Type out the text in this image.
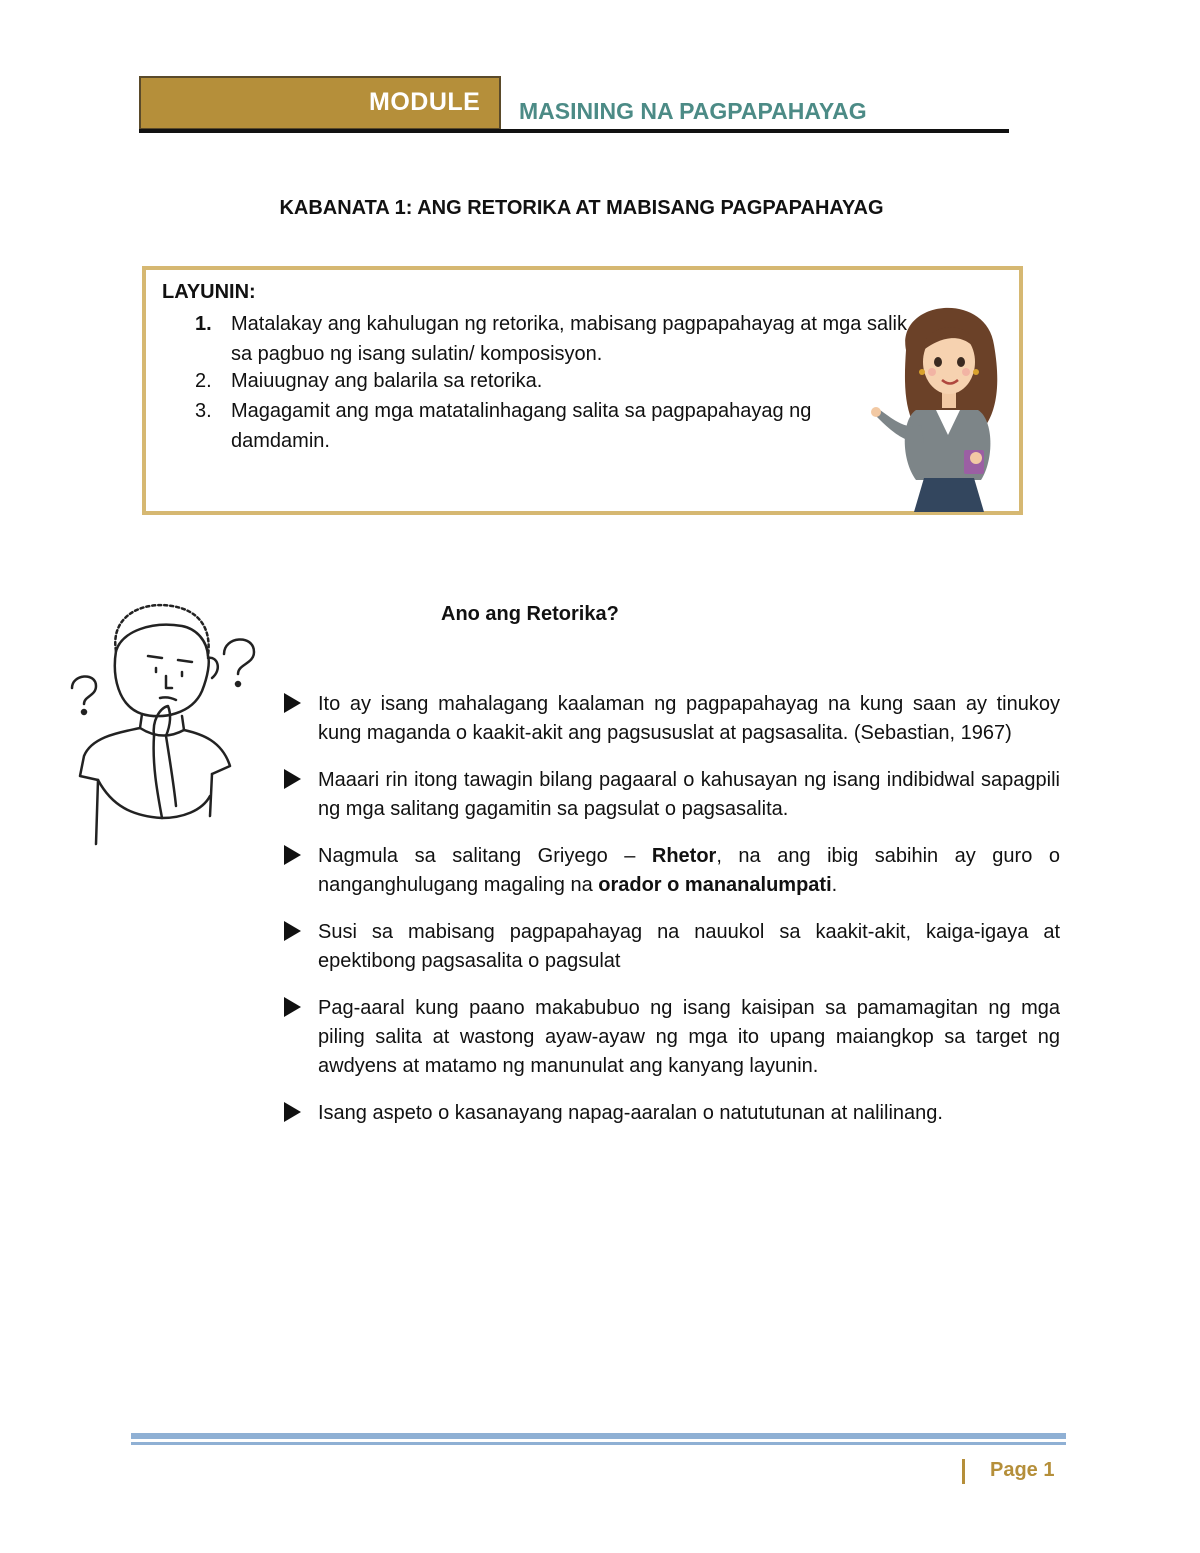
MODULE MASINING NA PAGPAPAHAYAG
KABANATA 1: ANG RETORIKA AT MABISANG PAGPAPAHAYAG
LAYUNIN:
1. Matalakay ang kahulugan ng retorika, mabisang pagpapahayag at mga salik sa pagbuo ng isang sulatin/ komposisyon.
2. Maiuugnay ang balarila sa retorika.
3. Magagamit ang mga matatalinhagang salita sa pagpapahayag ng damdamin.
Ano ang Retorika?
Ito ay isang mahalagang kaalaman ng pagpapahayag na kung saan ay tinukoy kung maganda o kaakit-akit ang pagsususlat at pagsasalita. (Sebastian, 1967)
Maaari rin itong tawagin bilang pagaaral o kahusayan ng isang indibidwal sapagpili ng mga salitang gagamitin sa pagsulat o pagsasalita.
Nagmula sa salitang Griyego – Rhetor, na ang ibig sabihin ay guro o nanganghulugang magaling na orador o mananalumpati.
Susi sa mabisang pagpapahayag na nauukol sa kaakit-akit, kaiga-igaya at epektibong pagsasalita o pagsulat
Pag-aaral kung paano makabubuo ng isang kaisipan sa pamamagitan ng mga piling salita at wastong ayaw-ayaw ng mga ito upang maiangkop sa target ng awdyens at matamo ng manunulat ang kanyang layunin.
Isang aspeto o kasanayang napag-aaralan o natututunan at nalilinang.
Page 1
